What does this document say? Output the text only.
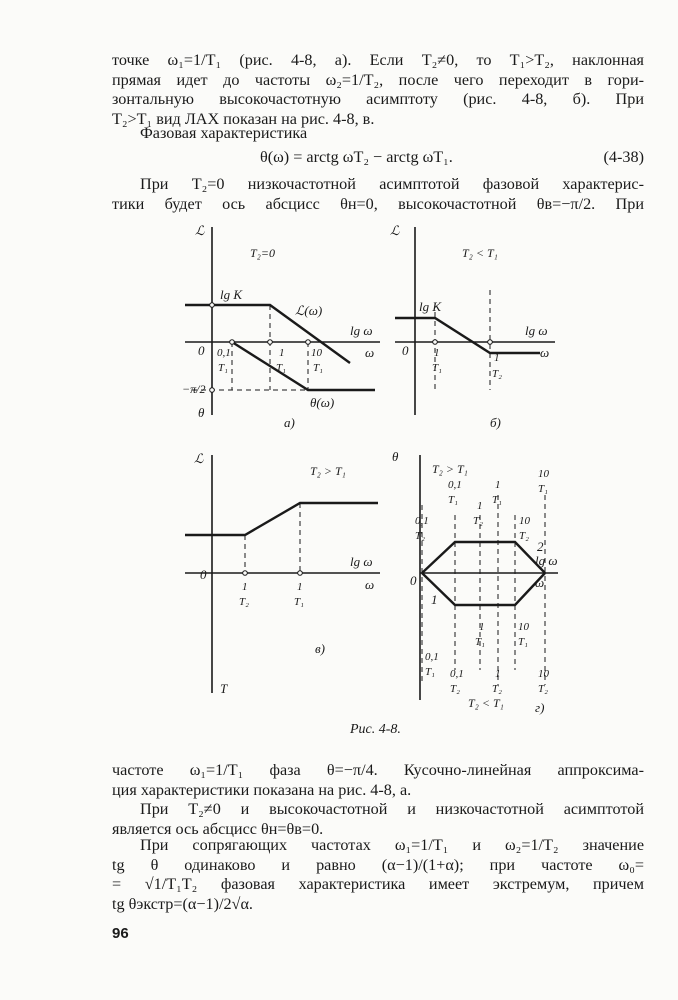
точке ω₁=1/T₁ (рис. 4-8, а). Если T₂≠0, то T₁>T₂, наклонная
прямая идет до частоты ω₂=1/T₂, после чего переходит в гори-
зонтальную высокочастотную асимптоту (рис. 4-8, б). При
T₂>T₁ вид ЛАХ показан на рис. 4-8, в.
Фазовая характеристика
θ(ω) = arctg ωT₂ − arctg ωT₁.	(4-38)
При T₂=0 низкочастотной асимптотой фазовой характерис-
тики будет ось абсцисс θн=0, высокочастотной θв=−π/2. При
ℒ
T₂=0
lg K
ℒ(ω)
lg ω
ω
0 0,1
T₁
1
T₁
10
T₁
−π/2
θ
θ(ω)
а)
ℒ
T₂ < T₁
lg K
lg ω
ω
0 1
T₁
1
T₂
б)
ℒ
T₂ > T₁
lg ω
ω
0
1
T₂
1
T₁
в)
T
θ
T₂ > T₁
lg ω
ω
0
2
1
T₂ < T₁ г)
0,1
T₂
0,1
T₁ 1
T₂
1
T₁
10
T₂
10
T₁
0,1
T₁ 0,1
T₂
1
T₁
1
T₂
10
T₁
10
T₂
Рис. 4-8.
частоте ω₁=1/T₁ фаза θ=−π/4. Кусочно-линейная аппроксима-
ция характеристики показана на рис. 4-8, а.
При T₂≠0 и высокочастотной и низкочастотной асимптотой
является ось абсцисс θн=θв=0.
При сопрягающих частотах ω₁=1/T₁ и ω₂=1/T₂ значение
tg θ одинаково и равно (α−1)/(1+α); при частоте ω₀=
= √1/T₁T₂ фазовая характеристика имеет экстремум, причем
tg θэкстр=(α−1)/2√α.
96
